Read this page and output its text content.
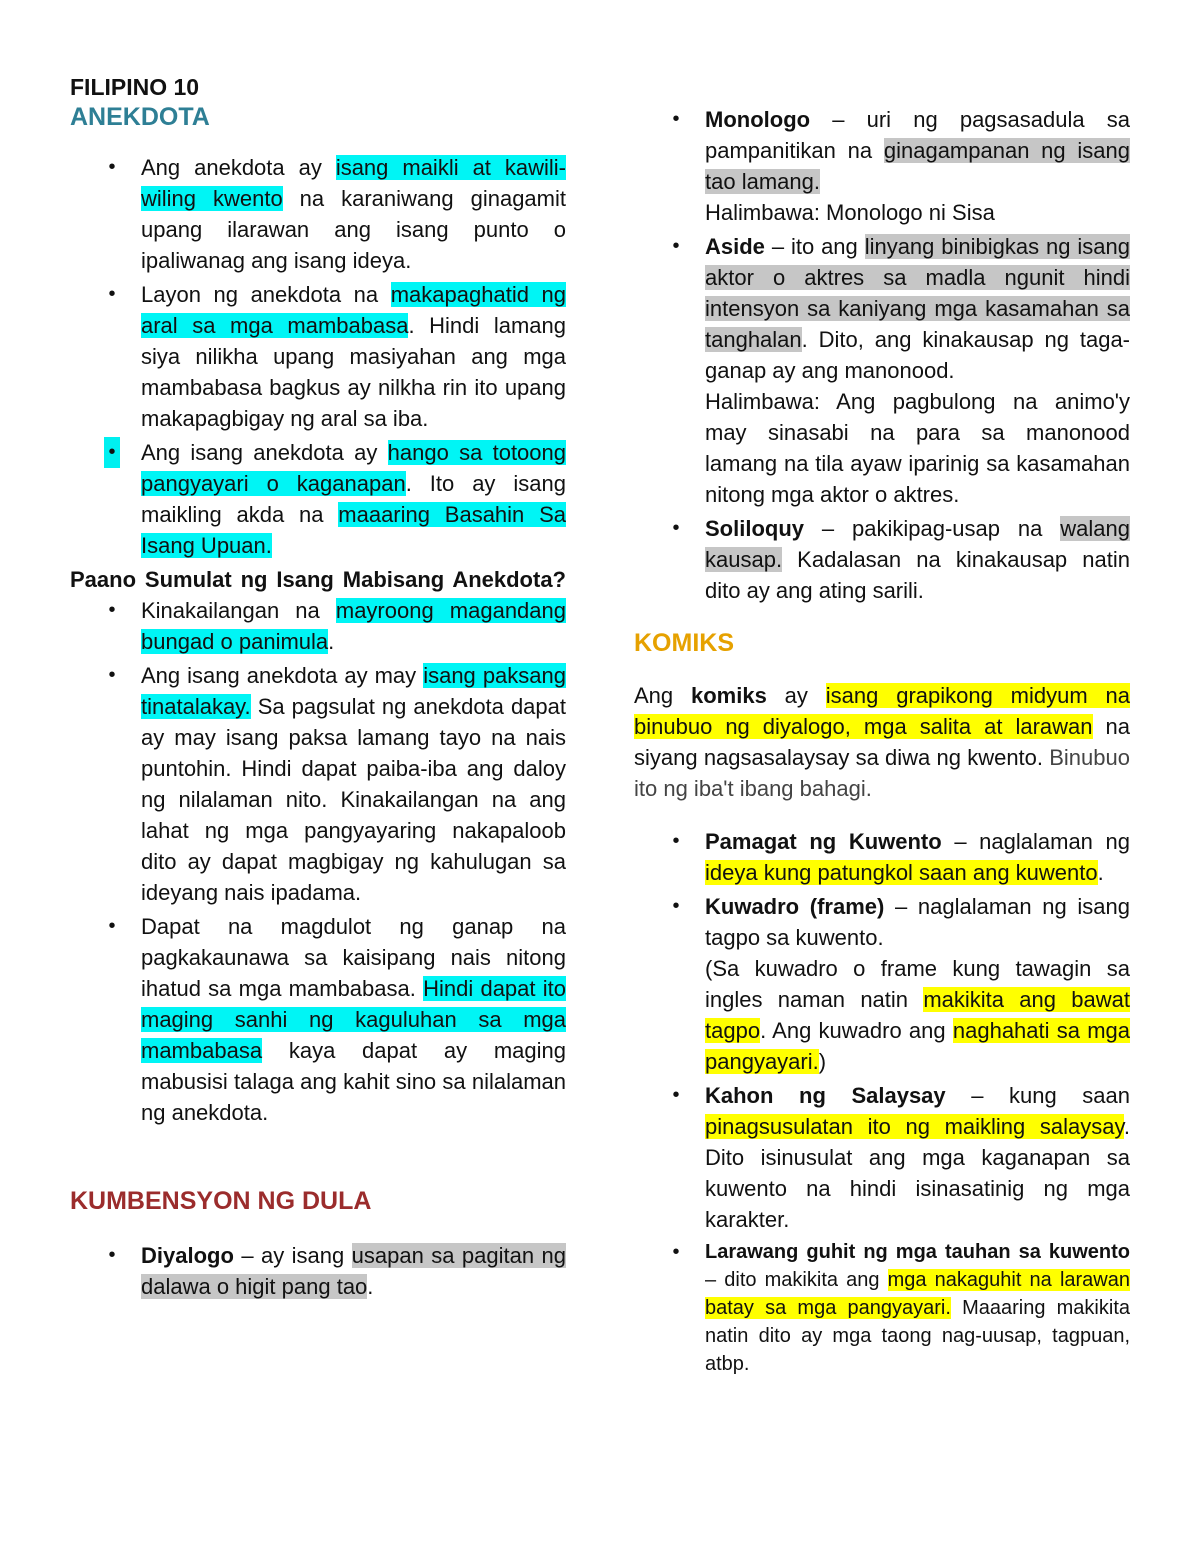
FILIPINO 10
ANEKDOTA
• Ang anekdota ay isang maikli at kawili-wiling kwento na karaniwang ginagamit upang ilarawan ang isang punto o ipaliwanag ang isang ideya.
• Layon ng anekdota na makapaghatid ng aral sa mga mambabasa. Hindi lamang siya nilikha upang masiyahan ang mga mambabasa bagkus ay nilkha rin ito upang makapagbigay ng aral sa iba.
• Ang isang anekdota ay hango sa totoong pangyayari o kaganapan. Ito ay isang maikling akda na maaaring Basahin Sa Isang Upuan.

Paano Sumulat ng Isang Mabisang Anekdota?

• Kinakailangan na mayroong magandang bungad o panimula.
• Ang isang anekdota ay may isang paksang tinatalakay. Sa pagsulat ng anekdota dapat ay may isang paksa lamang tayo na nais puntohin. Hindi dapat paiba-iba ang daloy ng nilalaman nito. Kinakailangan na ang lahat ng mga pangyayaring nakapaloob dito ay dapat magbigay ng kahulugan sa ideyang nais ipadama.
• Dapat na magdulot ng ganap na pagkakaunawa sa kaisipang nais nitong ihatud sa mga mambabasa. Hindi dapat ito maging sanhi ng kaguluhan sa mga mambabasa kaya dapat ay maging mabusisi talaga ang kahit sino sa nilalaman ng anekdota.
KUMBENSYON NG DULA
• Diyalogo – ay isang usapan sa pagitan ng dalawa o higit pang tao.
• Monologo – uri ng pagsasadula sa pampanitikan na ginagampanan ng isang tao lamang.
Halimbawa: Monologo ni Sisa
• Aside – ito ang linyang binibigkas ng isang aktor o aktres sa madla ngunit hindi intensyon sa kaniyang mga kasamahan sa tanghalan. Dito, ang kinakausap ng taga-ganap ay ang manonood.
Halimbawa: Ang pagbulong na animo'y may sinasabi na para sa manonood lamang na tila ayaw iparinig sa kasamahan nitong mga aktor o aktres.
• Soliloquy – pakikipag-usap na walang kausap. Kadalasan na kinakausap natin dito ay ang ating sarili.
KOMIKS

Ang komiks ay isang grapikong midyum na binubuo ng diyalogo, mga salita at larawan na siyang nagsasalaysay sa diwa ng kwento. Binubuo ito ng iba't ibang bahagi.

• Pamagat ng Kuwento – naglalaman ng ideya kung patungkol saan ang kuwento.
• Kuwadro (frame) – naglalaman ng isang tagpo sa kuwento.
(Sa kuwadro o frame kung tawagin sa ingles naman natin makikita ang bawat tagpo. Ang kuwadro ang naghahati sa mga pangyayari.)
• Kahon ng Salaysay – kung saan pinagsusulatan ito ng maikling salaysay. Dito isinusulat ang mga kaganapan sa kuwento na hindi isinasatinig ng mga karakter.
• Larawang guhit ng mga tauhan sa kuwento – dito makikita ang mga nakaguhit na larawan batay sa mga pangyayari. Maaaring makikita natin dito ay mga taong nag-uusap, tagpuan, atbp.
